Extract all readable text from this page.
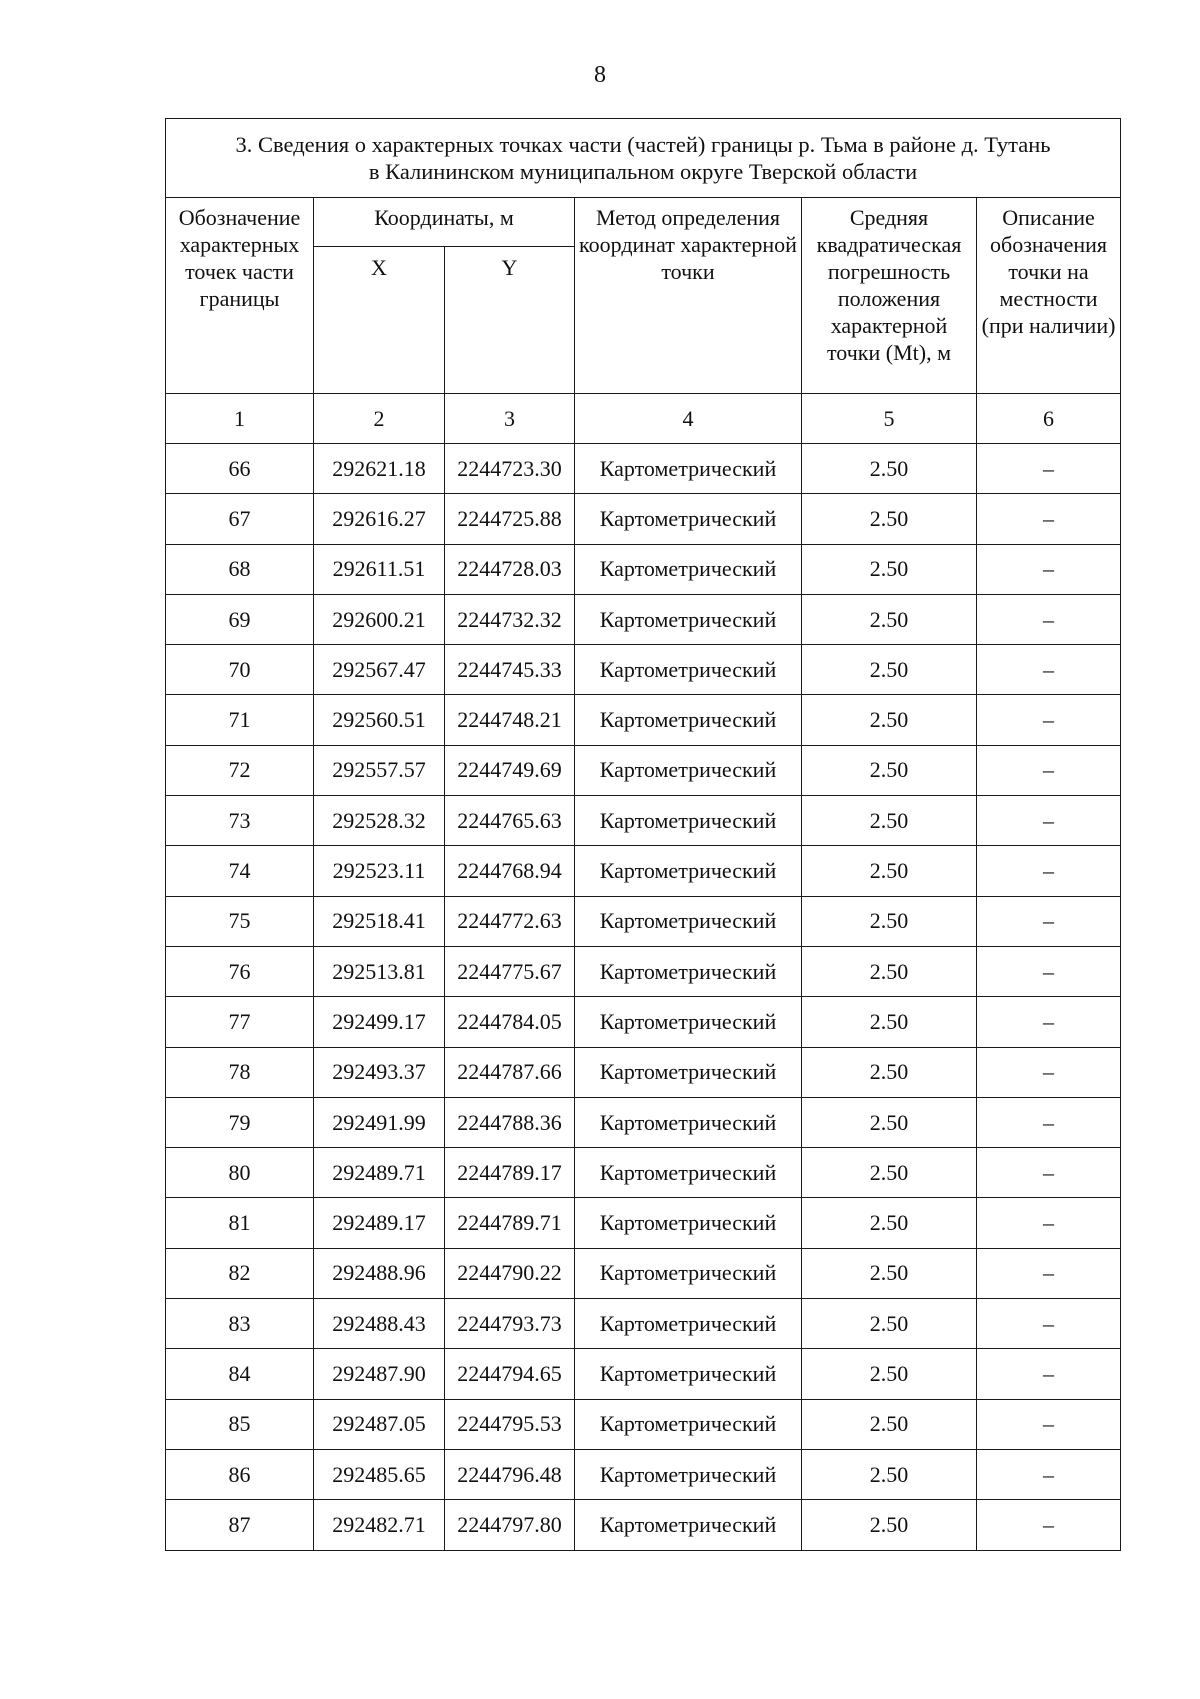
8
3. Сведения о характерных точках части (частей) границы р. Тьма в районе д. Тутань
в Калининском муниципальном округе Тверской области					

Обозначение характерных точек части границы	Координаты, м		Метод определения координат характерной точки	Средняя квадратическая погрешность положения характерной точки (Mt), м	Описание обозначения точки на местности (при наличии)
	X	Y			
1	2	3	4	5	6
66	292621.18	2244723.30	Картометрический	2.50	–
67	292616.27	2244725.88	Картометрический	2.50	–
68	292611.51	2244728.03	Картометрический	2.50	–
69	292600.21	2244732.32	Картометрический	2.50	–
70	292567.47	2244745.33	Картометрический	2.50	–
71	292560.51	2244748.21	Картометрический	2.50	–
72	292557.57	2244749.69	Картометрический	2.50	–
73	292528.32	2244765.63	Картометрический	2.50	–
74	292523.11	2244768.94	Картометрический	2.50	–
75	292518.41	2244772.63	Картометрический	2.50	–
76	292513.81	2244775.67	Картометрический	2.50	–
77	292499.17	2244784.05	Картометрический	2.50	–
78	292493.37	2244787.66	Картометрический	2.50	–
79	292491.99	2244788.36	Картометрический	2.50	–
80	292489.71	2244789.17	Картометрический	2.50	–
81	292489.17	2244789.71	Картометрический	2.50	–
82	292488.96	2244790.22	Картометрический	2.50	–
83	292488.43	2244793.73	Картометрический	2.50	–
84	292487.90	2244794.65	Картометрический	2.50	–
85	292487.05	2244795.53	Картометрический	2.50	–
86	292485.65	2244796.48	Картометрический	2.50	–
87	292482.71	2244797.80	Картометрический	2.50	–
